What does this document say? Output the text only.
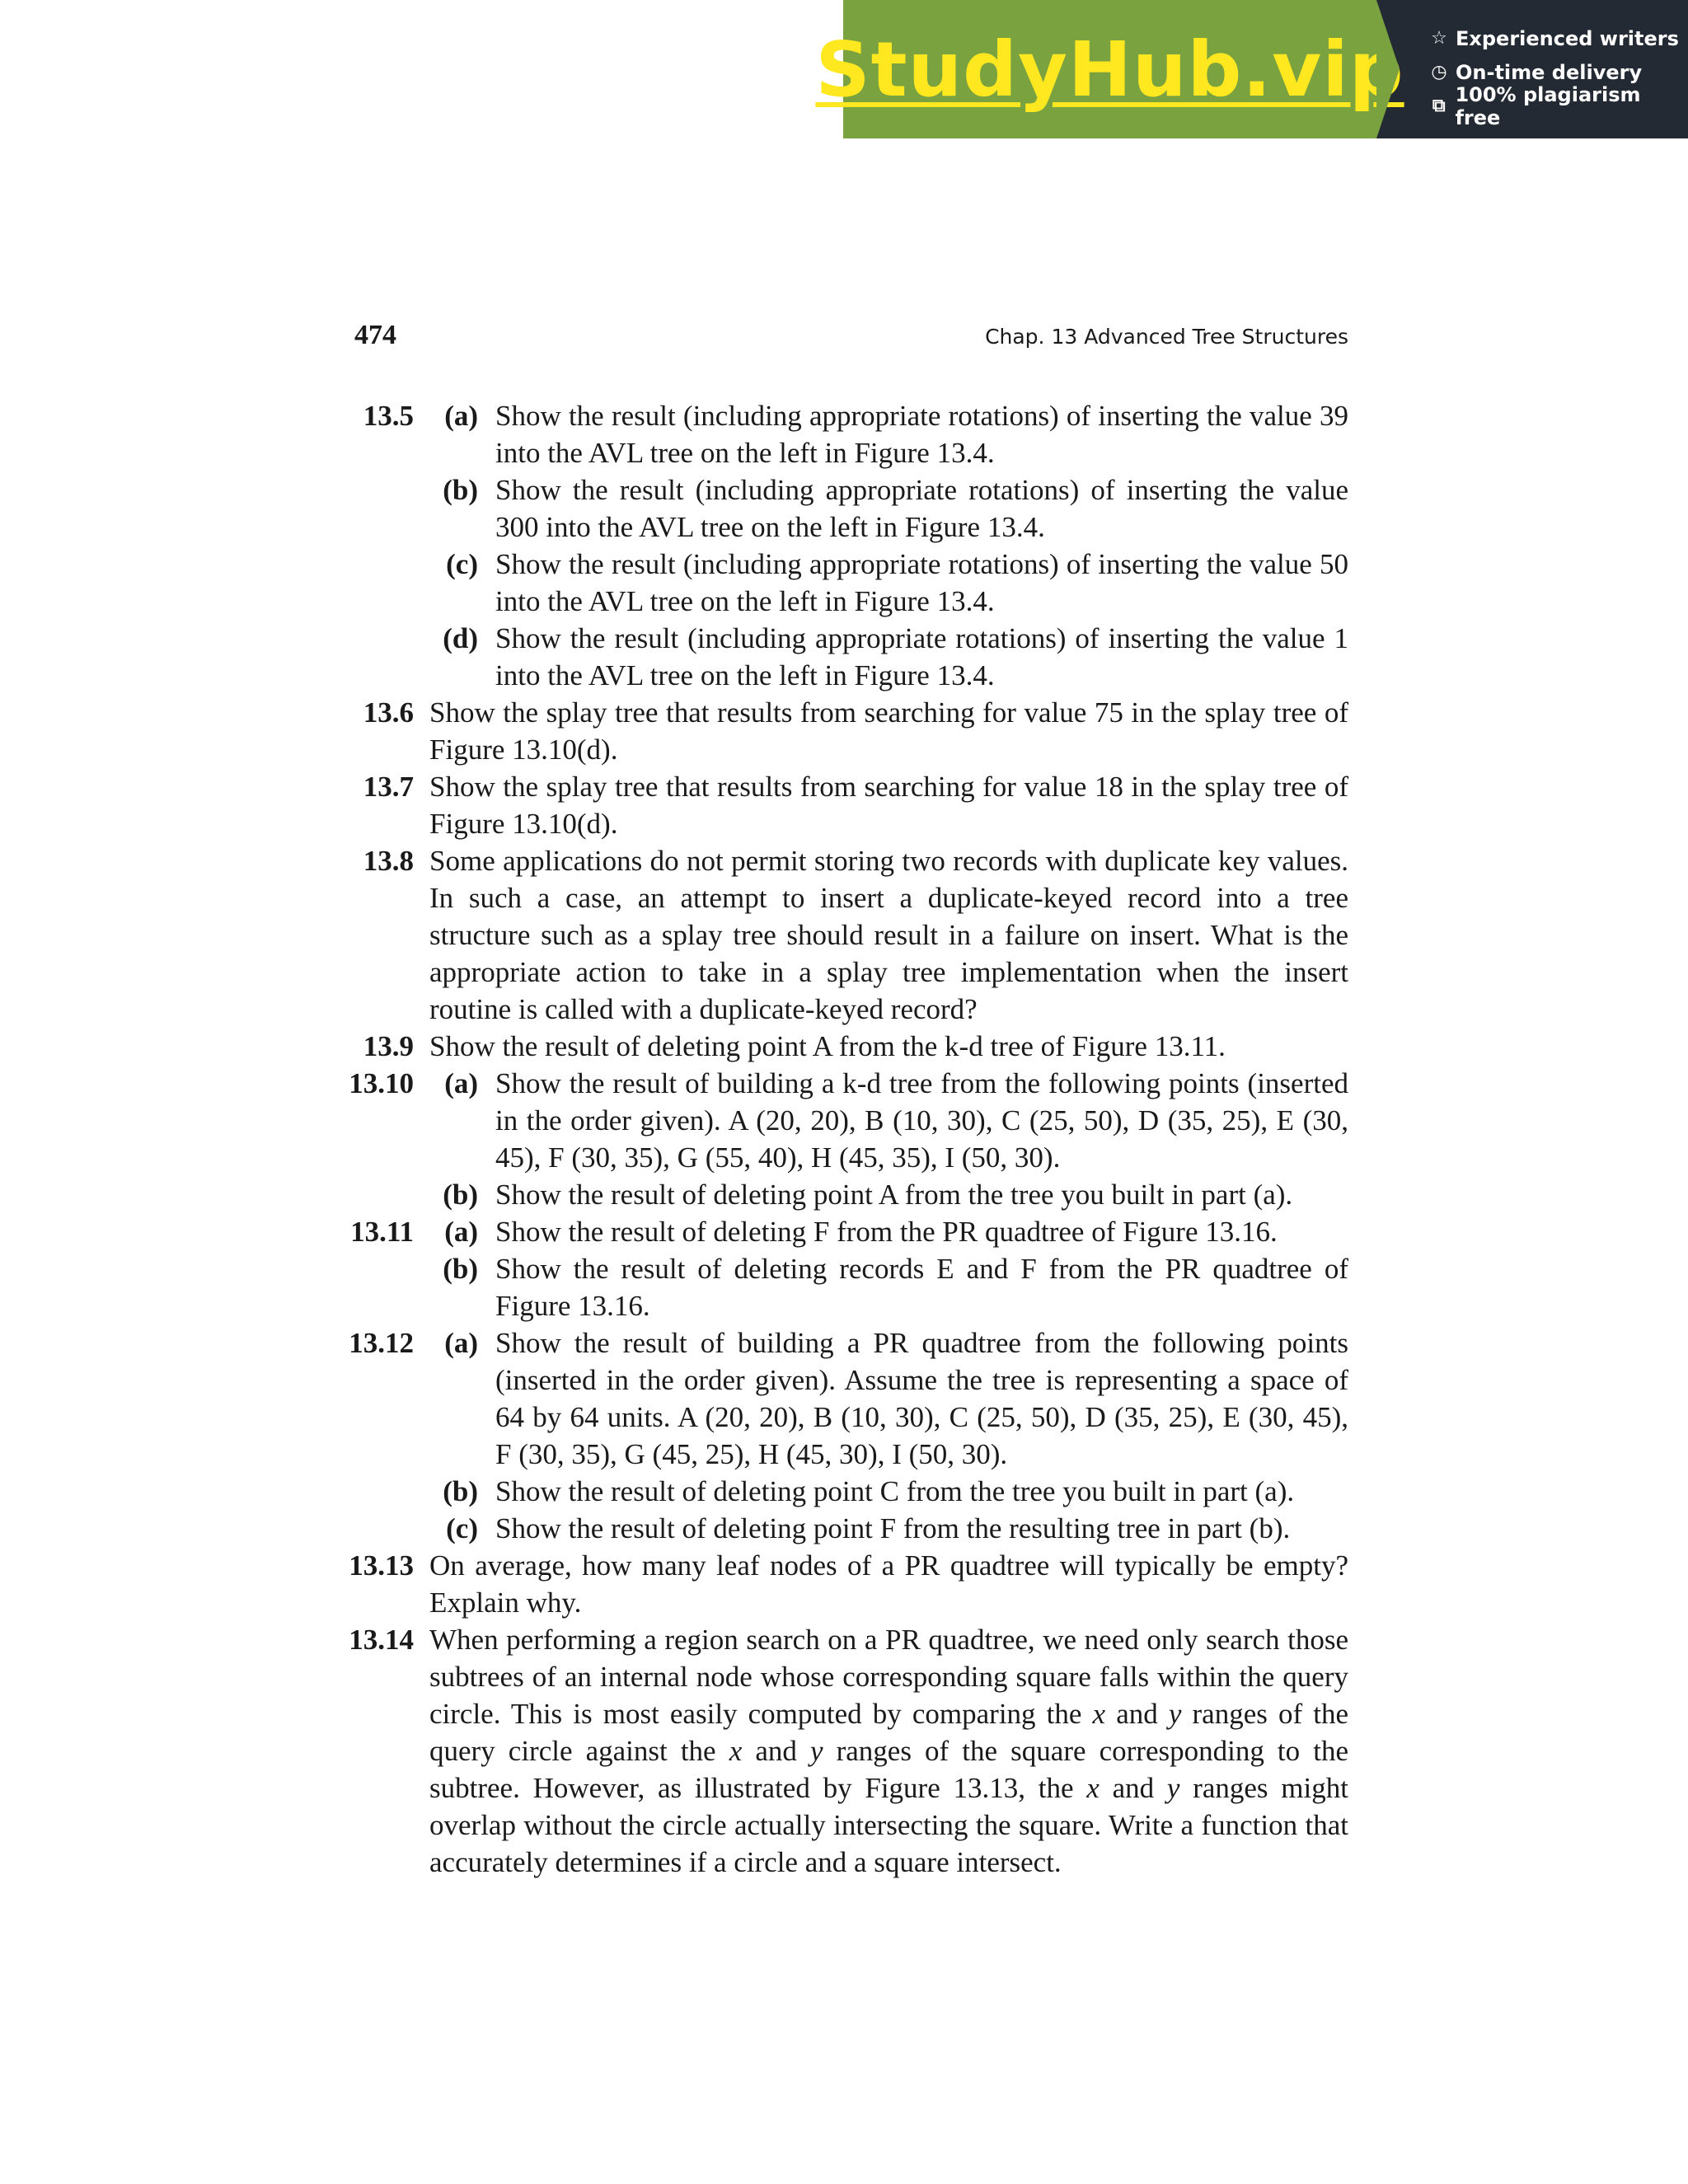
StudyHub.vip ☆ Experienced writers
◷ On-time delivery
⧉ 100% plagiarism free
474	Chap. 13 Advanced Tree Structures
13.5	(a) Show the result (including appropriate rotations) of inserting the value 39 into the AVL tree on the left in Figure 13.4.
(b) Show the result (including appropriate rotations) of inserting the value 300 into the AVL tree on the left in Figure 13.4.
(c) Show the result (including appropriate rotations) of inserting the value 50 into the AVL tree on the left in Figure 13.4.
(d) Show the result (including appropriate rotations) of inserting the value 1 into the AVL tree on the left in Figure 13.4.
13.6 Show the splay tree that results from searching for value 75 in the splay tree of Figure 13.10(d).
13.7 Show the splay tree that results from searching for value 18 in the splay tree of Figure 13.10(d).
13.8 Some applications do not permit storing two records with duplicate key values. In such a case, an attempt to insert a duplicate-keyed record into a tree structure such as a splay tree should result in a failure on insert. What is the appropriate action to take in a splay tree implementation when the insert routine is called with a duplicate-keyed record?
13.9 Show the result of deleting point A from the k-d tree of Figure 13.11.
13.10	(a) Show the result of building a k-d tree from the following points (inserted in the order given). A (20, 20), B (10, 30), C (25, 50), D (35, 25), E (30, 45), F (30, 35), G (55, 40), H (45, 35), I (50, 30).
(b) Show the result of deleting point A from the tree you built in part (a).
13.11	(a) Show the result of deleting F from the PR quadtree of Figure 13.16.
(b) Show the result of deleting records E and F from the PR quadtree of Figure 13.16.
13.12	(a) Show the result of building a PR quadtree from the following points (inserted in the order given). Assume the tree is representing a space of 64 by 64 units. A (20, 20), B (10, 30), C (25, 50), D (35, 25), E (30, 45), F (30, 35), G (45, 25), H (45, 30), I (50, 30).
(b) Show the result of deleting point C from the tree you built in part (a).
(c) Show the result of deleting point F from the resulting tree in part (b).
13.13 On average, how many leaf nodes of a PR quadtree will typically be empty? Explain why.
13.14 When performing a region search on a PR quadtree, we need only search those subtrees of an internal node whose corresponding square falls within the query circle. This is most easily computed by comparing the x and y ranges of the query circle against the x and y ranges of the square corresponding to the subtree. However, as illustrated by Figure 13.13, the x and y ranges might overlap without the circle actually intersecting the square. Write a function that accurately determines if a circle and a square intersect.
